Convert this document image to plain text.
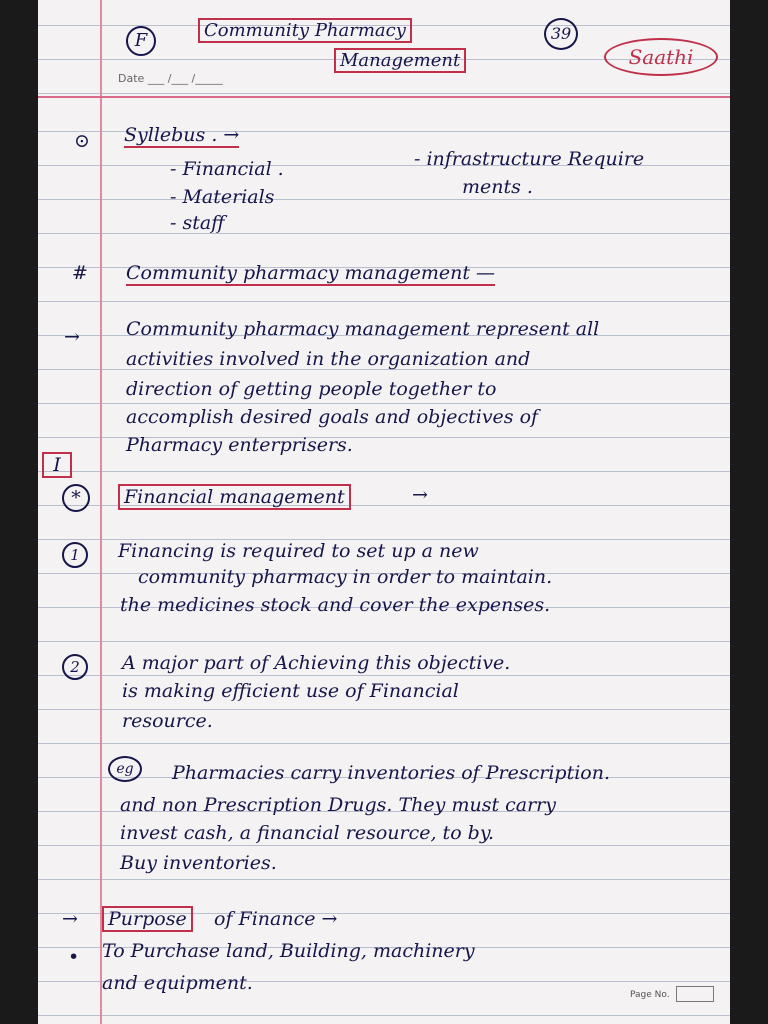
F	Community Pharmacy
Management
39
Saathi
Date ___ /___ /_____
⊙ Syllebus . →
- Financial .
- Materials
- staff
- infrastructure Require
ments .
# Community pharmacy management —
→ Community pharmacy management represent all
activities involved in the organization and
direction of getting people together to
accomplish desired goals and objectives of
Pharmacy enterprisers.
I
*	Financial management	→
1	Financing is required to set up a new
community pharmacy in order to maintain.
the medicines stock and cover the expenses.
2	A major part of Achieving this objective.
is making efficient use of Financial
resource.
eg	Pharmacies carry inventories of Prescription.
and non Prescription Drugs. They must carry
invest cash, a financial resource, to by.
Buy inventories.
→	Purpose	of Finance →
• To Purchase land, Building, machinery
and equipment.
Page No.
